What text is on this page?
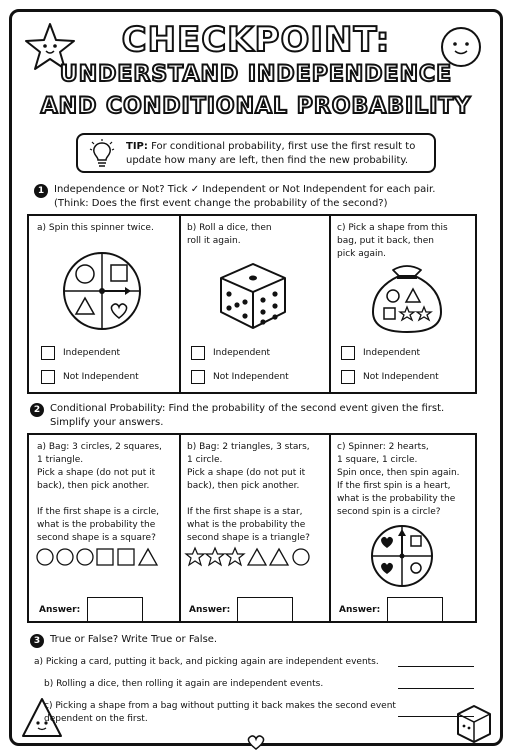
CHECKPOINT:
UNDERSTAND INDEPENDENCE
AND CONDITIONAL PROBABILITY
TIP: For conditional probability, first use the first result to update how many are left, then find the new probability.
1 Independence or Not? Tick ✓ Independent or Not Independent for each pair.
(Think: Does the first event change the probability of the second?)
a) Spin this spinner twice.
Independent
Not Independent
b) Roll a dice, then
roll it again.
Independent
Not Independent
c) Pick a shape from this
bag, put it back, then
pick again.
Independent
Not Independent
2 Conditional Probability: Find the probability of the second event given the first.
Simplify your answers.
a) Bag: 3 circles, 2 squares,
1 triangle.
Pick a shape (do not put it
back), then pick another.

If the first shape is a circle,
what is the probability the
second shape is a square?
Answer:
b) Bag: 2 triangles, 3 stars,
1 circle.
Pick a shape (do not put it
back), then pick another.

If the first shape is a star,
what is the probability the
second shape is a triangle?
Answer:
c) Spinner: 2 hearts,
1 square, 1 circle.
Spin once, then spin again.
If the first spin is a heart,
what is the probability the
second spin is a circle?
Answer:
3 True or False? Write True or False.
a) Picking a card, putting it back, and picking again are independent events.
b) Rolling a dice, then rolling it again are independent events.
c) Picking a shape from a bag without putting it back makes the second event
dependent on the first.
